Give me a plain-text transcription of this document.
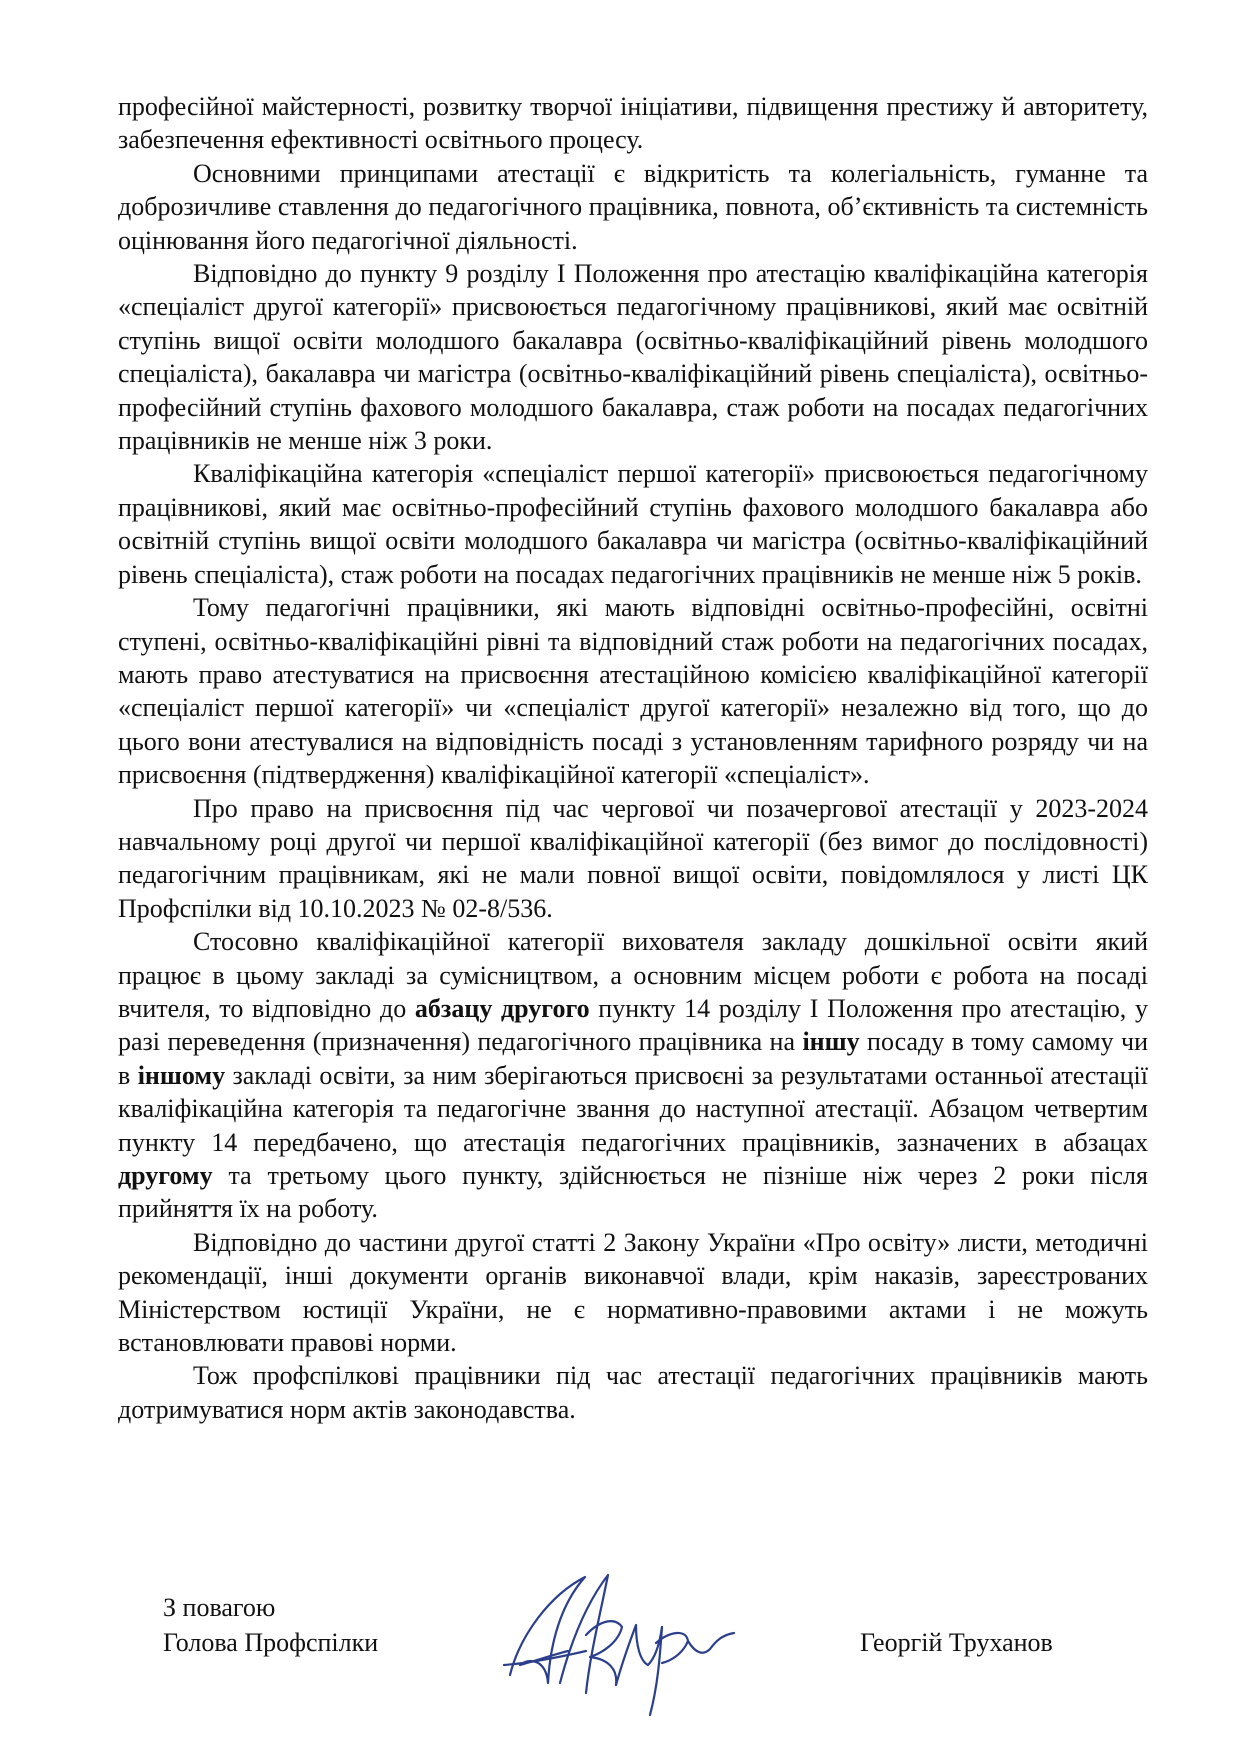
професійної майстерності, розвитку творчої ініціативи, підвищення престижу й авторитету, забезпечення ефективності освітнього процесу.

Основними принципами атестації є відкритість та колегіальність, гуманне та доброзичливе ставлення до педагогічного працівника, повнота, об’єктивність та системність оцінювання його педагогічної діяльності.

Відповідно до пункту 9 розділу І Положення про атестацію кваліфікаційна категорія «спеціаліст другої категорії» присвоюється педагогічному працівникові, який має освітній ступінь вищої освіти молодшого бакалавра (освітньо-кваліфікаційний рівень молодшого спеціаліста), бакалавра чи магістра (освітньо-кваліфікаційний рівень спеціаліста), освітньо-професійний ступінь фахового молодшого бакалавра, стаж роботи на посадах педагогічних працівників не менше ніж 3 роки.

Кваліфікаційна категорія «спеціаліст першої категорії» присвоюється педагогічному працівникові, який має освітньо-професійний ступінь фахового молодшого бакалавра або освітній ступінь вищої освіти молодшого бакалавра чи магістра (освітньо-кваліфікаційний рівень спеціаліста), стаж роботи на посадах педагогічних працівників не менше ніж 5 років.

Тому педагогічні працівники, які мають відповідні освітньо-професійні, освітні ступені, освітньо-кваліфікаційні рівні та відповідний стаж роботи на педагогічних посадах, мають право атестуватися на присвоєння атестаційною комісією кваліфікаційної категорії «спеціаліст першої категорії» чи «спеціаліст другої категорії» незалежно від того, що до цього вони атестувалися на відповідність посаді з установленням тарифного розряду чи на присвоєння (підтвердження) кваліфікаційної категорії «спеціаліст».

Про право на присвоєння під час чергової чи позачергової атестації у 2023-2024 навчальному році другої чи першої кваліфікаційної категорії (без вимог до послідовності) педагогічним працівникам, які не мали повної вищої освіти, повідомлялося у листі ЦК Профспілки від 10.10.2023 № 02-8/536.

Стосовно кваліфікаційної категорії вихователя закладу дошкільної освіти який працює в цьому закладі за сумісництвом, а основним місцем роботи є робота на посаді вчителя, то відповідно до абзацу другого пункту 14 розділу І Положення про атестацію, у разі переведення (призначення) педагогічного працівника на іншу посаду в тому самому чи в іншому закладі освіти, за ним зберігаються присвоєні за результатами останньої атестації кваліфікаційна категорія та педагогічне звання до наступної атестації. Абзацом четвертим пункту 14 передбачено, що атестація педагогічних працівників, зазначених в абзацах другому та третьому цього пункту, здійснюється не пізніше ніж через 2 роки після прийняття їх на роботу.

Відповідно до частини другої статті 2 Закону України «Про освіту» листи, методичні рекомендації, інші документи органів виконавчої влади, крім наказів, зареєстрованих Міністерством юстиції України, не є нормативно-правовими актами і не можуть встановлювати правові норми.

Тож профспілкові працівники під час атестації педагогічних працівників мають дотримуватися норм актів законодавства.

З повагою
Голова Профспілки	Георгій Труханов
